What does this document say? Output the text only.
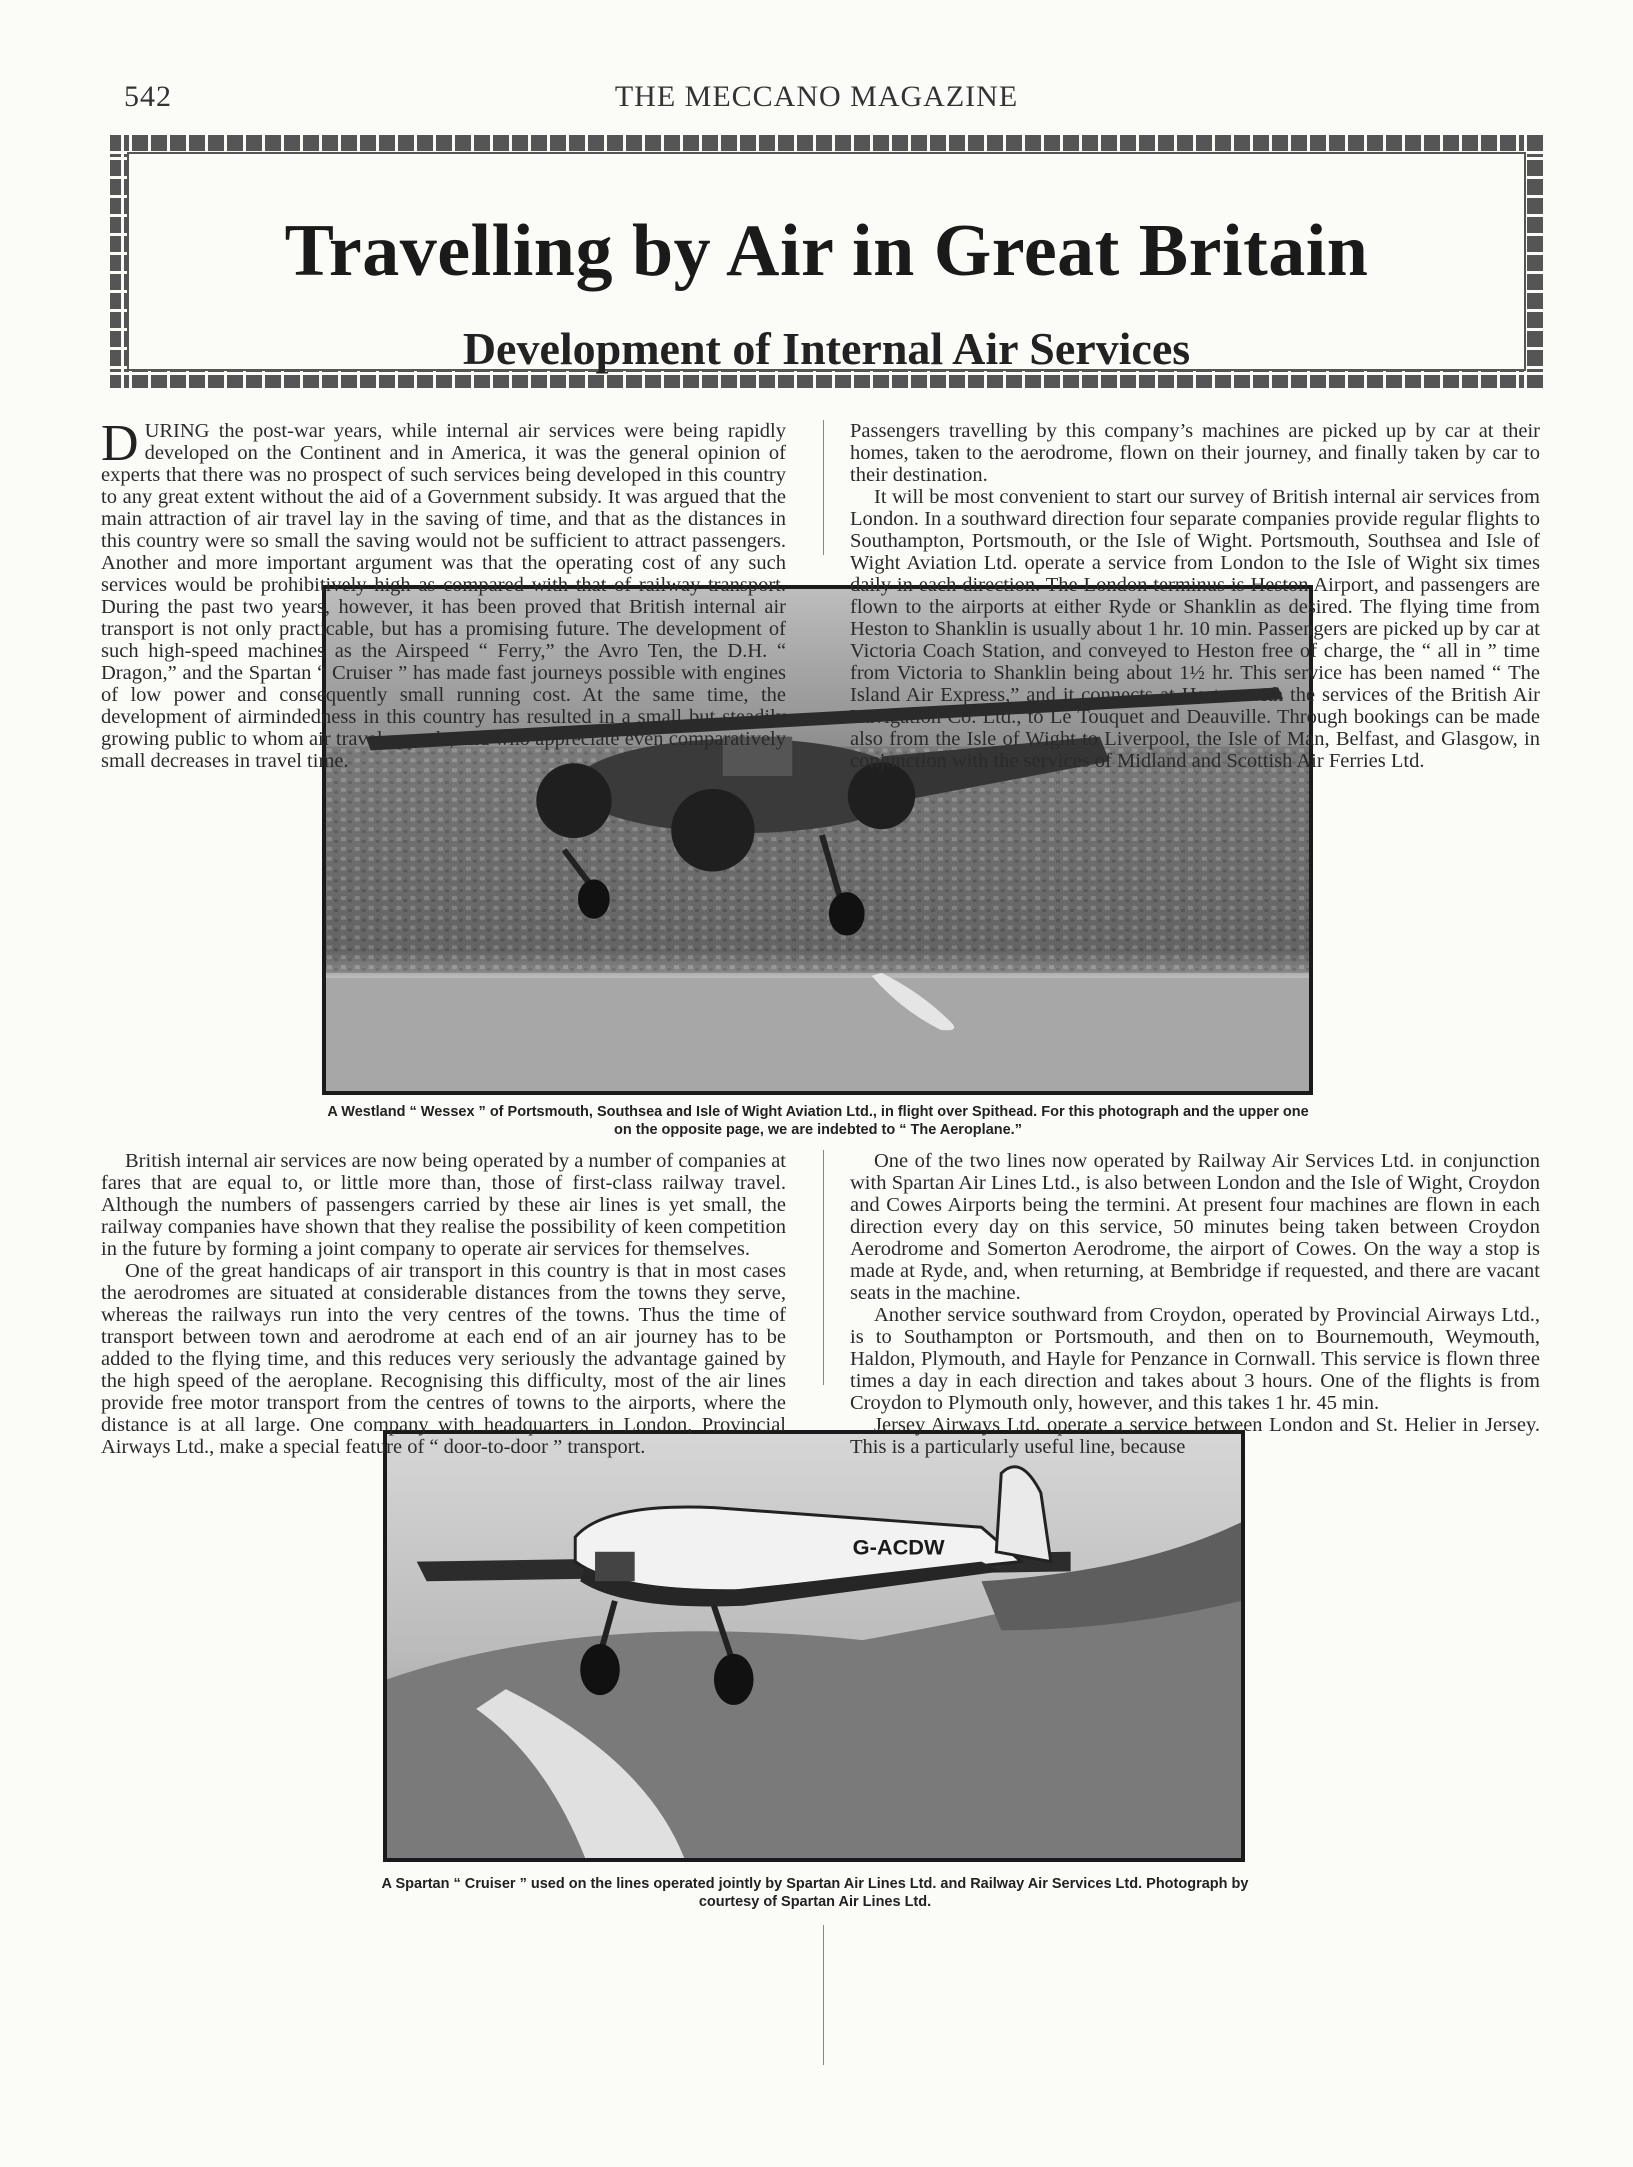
542	THE MECCANO MAGAZINE
Travelling by Air in Great Britain
Development of Internal Air Services
A Westland “ Wessex ” of Portsmouth, Southsea and Isle of Wight Aviation Ltd., in flight over Spithead. For this photograph and the upper one on the opposite page, we are indebted to “ The Aeroplane.”
G-ACDW
A Spartan “ Cruiser ” used on the lines operated jointly by Spartan Air Lines Ltd. and Railway Air Services Ltd. Photograph by courtesy of Spartan Air Lines Ltd.

DURING the post-war years, while internal air services were being rapidly developed on the Continent and in America, it was the general opinion of experts that there was no prospect of such services being developed in this country to any great extent without the aid of a Government subsidy. It was argued that the main attraction of air travel lay in the saving of time, and that as the distances in this country were so small the saving would not be sufficient to attract passengers. Another and more important argument was that the operating cost of any such services would be prohibitively high as compared with that of railway transport. During the past two years, however, it has been proved that British internal air transport is not only practicable, but has a promising future. The development of such high-speed machines as the Airspeed “ Ferry,” the Avro Ten, the D.H. “ Dragon,” and the Spartan “ Cruiser ” has made fast journeys possible with engines of low power and consequently small running cost. At the same time, the development of airmindedness in this country has resulted in a small but steadily growing public to whom air travel appeals, and who appreciate even comparatively small decreases in travel time.

Passengers travelling by this company’s machines are picked up by car at their homes, taken to the aerodrome, flown on their journey, and finally taken by car to their destination.

It will be most convenient to start our survey of British internal air services from London. In a southward direction four separate companies provide regular flights to Southampton, Portsmouth, or the Isle of Wight. Portsmouth, Southsea and Isle of Wight Aviation Ltd. operate a service from London to the Isle of Wight six times daily in each direction. The London terminus is Heston Airport, and passengers are flown to the airports at either Ryde or Shanklin as desired. The flying time from Heston to Shanklin is usually about 1 hr. 10 min. Passengers are picked up by car at Victoria Coach Station, and conveyed to Heston free of charge, the “ all in ” time from Victoria to Shanklin being about 1½ hr. This service has been named “ The Island Air Express,” and it connects at Heston with the services of the British Air Navigation Co. Ltd., to Le Touquet and Deauville. Through bookings can be made also from the Isle of Wight to Liverpool, the Isle of Man, Belfast, and Glasgow, in conjunction with the services of Midland and Scottish Air Ferries Ltd.

One of the two lines now operated by Railway Air Services Ltd. in conjunction with Spartan Air Lines Ltd., is also between London and the Isle of Wight, Croydon and Cowes Airports being the termini. At present four machines are flown in each direction every day on this service, 50 minutes being taken between Croydon Aerodrome and Somerton Aerodrome, the airport of Cowes. On the way a stop is made at Ryde, and, when returning, at Bembridge if requested, and there are vacant seats in the machine.

Another service southward from Croydon, operated by Provincial Airways Ltd., is to Southampton or Portsmouth, and then on to Bournemouth, Weymouth, Haldon, Plymouth, and Hayle for Penzance in Cornwall. This service is flown three times a day in each direction and takes about 3 hours. One of the flights is from Croydon to Plymouth only, however, and this takes 1 hr. 45 min.

Jersey Airways Ltd. operate a service between London and St. Helier in Jersey. This is a particularly useful line, because

British internal air services are now being operated by a number of companies at fares that are equal to, or little more than, those of first-class railway travel. Although the numbers of passengers carried by these air lines is yet small, the railway companies have shown that they realise the possibility of keen competition in the future by forming a joint company to operate air services for themselves.

One of the great handicaps of air transport in this country is that in most cases the aerodromes are situated at considerable distances from the towns they serve, whereas the railways run into the very centres of the towns. Thus the time of transport between town and aerodrome at each end of an air journey has to be added to the flying time, and this reduces very seriously the advantage gained by the high speed of the aeroplane. Recognising this difficulty, most of the air lines provide free motor transport from the centres of towns to the airports, where the distance is at all large. One company with headquarters in London, Provincial Airways Ltd., make a special feature of “ door-to-door ” transport.
